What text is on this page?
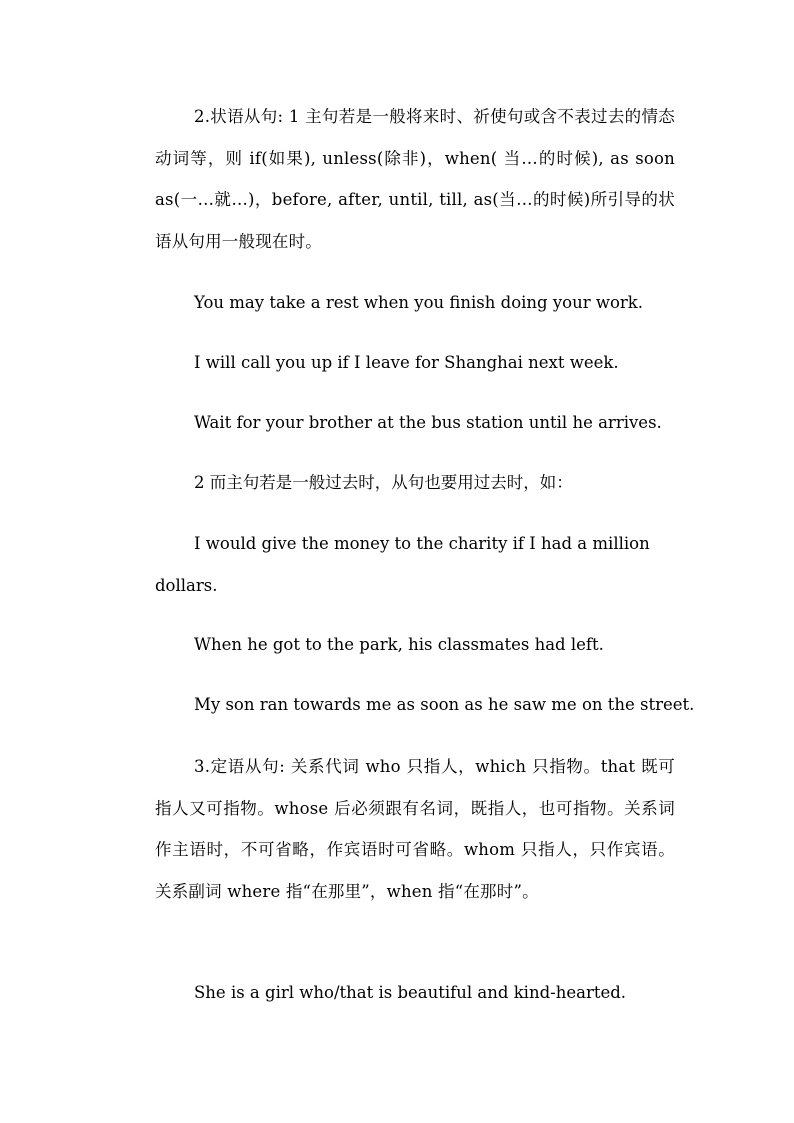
2.状语从句: 1 主句若是一般将来时、祈使句或含不表过去的情态动词等，则 if(如果), unless(除非)，when( 当…的时候), as soon as(一…就…)，before, after, until, till, as(当…的时候)所引导的状语从句用一般现在时。

You may take a rest when you finish doing your work.

I will call you up if I leave for Shanghai next week.

Wait for your brother at the bus station until he arrives.

2 而主句若是一般过去时，从句也要用过去时，如：

I would give the money to the charity if I had a million dollars.

When he got to the park, his classmates had left.

My son ran towards me as soon as he saw me on the street.

3.定语从句: 关系代词 who 只指人，which 只指物。that 既可指人又可指物。whose 后必须跟有名词，既指人，也可指物。关系词作主语时，不可省略，作宾语时可省略。whom 只指人，只作宾语。关系副词 where 指“在那里”，when 指“在那时”。

She is a girl who/that is beautiful and kind-hearted.
